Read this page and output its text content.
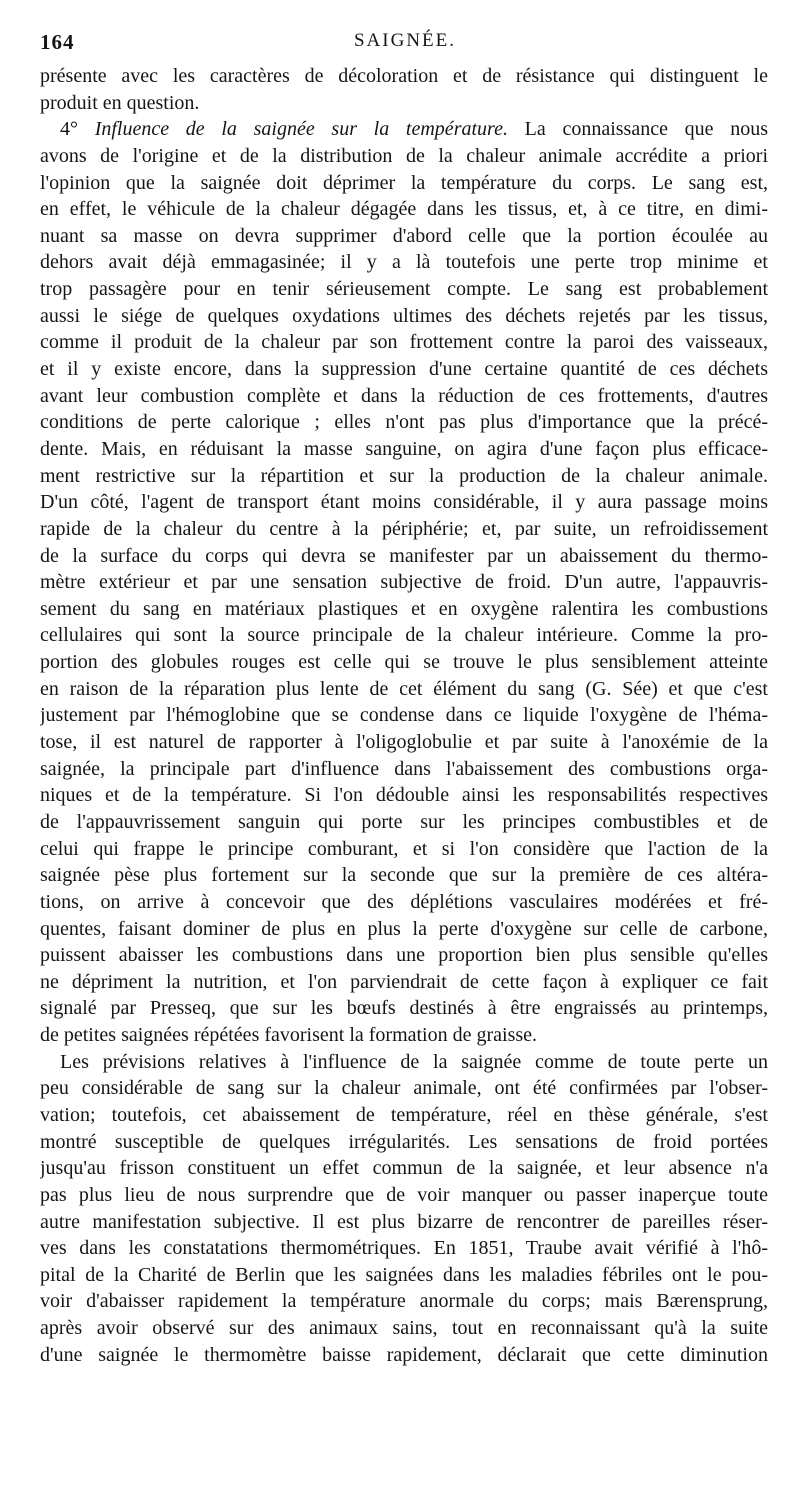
164	SAIGNÉE.
présente avec les caractères de décoloration et de résistance qui distinguent le
produit en question.
4° Influence de la saignée sur la température. La connaissance que nous
avons de l'origine et de la distribution de la chaleur animale accrédite a priori
l'opinion que la saignée doit déprimer la température du corps. Le sang est,
en effet, le véhicule de la chaleur dégagée dans les tissus, et, à ce titre, en dimi-
nuant sa masse on devra supprimer d'abord celle que la portion écoulée au
dehors avait déjà emmagasinée; il y a là toutefois une perte trop minime et
trop passagère pour en tenir sérieusement compte. Le sang est probablement
aussi le siége de quelques oxydations ultimes des déchets rejetés par les tissus,
comme il produit de la chaleur par son frottement contre la paroi des vaisseaux,
et il y existe encore, dans la suppression d'une certaine quantité de ces déchets
avant leur combustion complète et dans la réduction de ces frottements, d'autres
conditions de perte calorique ; elles n'ont pas plus d'importance que la précé-
dente. Mais, en réduisant la masse sanguine, on agira d'une façon plus efficace-
ment restrictive sur la répartition et sur la production de la chaleur animale.
D'un côté, l'agent de transport étant moins considérable, il y aura passage moins
rapide de la chaleur du centre à la périphérie; et, par suite, un refroidissement
de la surface du corps qui devra se manifester par un abaissement du thermo-
mètre extérieur et par une sensation subjective de froid. D'un autre, l'appauvris-
sement du sang en matériaux plastiques et en oxygène ralentira les combustions
cellulaires qui sont la source principale de la chaleur intérieure. Comme la pro-
portion des globules rouges est celle qui se trouve le plus sensiblement atteinte
en raison de la réparation plus lente de cet élément du sang (G. Sée) et que c'est
justement par l'hémoglobine que se condense dans ce liquide l'oxygène de l'héma-
tose, il est naturel de rapporter à l'oligoglobulie et par suite à l'anoxémie de la
saignée, la principale part d'influence dans l'abaissement des combustions orga-
niques et de la température. Si l'on dédouble ainsi les responsabilités respectives
de l'appauvrissement sanguin qui porte sur les principes combustibles et de
celui qui frappe le principe comburant, et si l'on considère que l'action de la
saignée pèse plus fortement sur la seconde que sur la première de ces altéra-
tions, on arrive à concevoir que des déplétions vasculaires modérées et fré-
quentes, faisant dominer de plus en plus la perte d'oxygène sur celle de carbone,
puissent abaisser les combustions dans une proportion bien plus sensible qu'elles
ne dépriment la nutrition, et l'on parviendrait de cette façon à expliquer ce fait
signalé par Presseq, que sur les bœufs destinés à être engraissés au printemps,
de petites saignées répétées favorisent la formation de graisse.
Les prévisions relatives à l'influence de la saignée comme de toute perte un
peu considérable de sang sur la chaleur animale, ont été confirmées par l'obser-
vation; toutefois, cet abaissement de température, réel en thèse générale, s'est
montré susceptible de quelques irrégularités. Les sensations de froid portées
jusqu'au frisson constituent un effet commun de la saignée, et leur absence n'a
pas plus lieu de nous surprendre que de voir manquer ou passer inaperçue toute
autre manifestation subjective. Il est plus bizarre de rencontrer de pareilles réser-
ves dans les constatations thermométriques. En 1851, Traube avait vérifié à l'hô-
pital de la Charité de Berlin que les saignées dans les maladies fébriles ont le pou-
voir d'abaisser rapidement la température anormale du corps; mais Bærensprung,
après avoir observé sur des animaux sains, tout en reconnaissant qu'à la suite
d'une saignée le thermomètre baisse rapidement, déclarait que cette diminution
